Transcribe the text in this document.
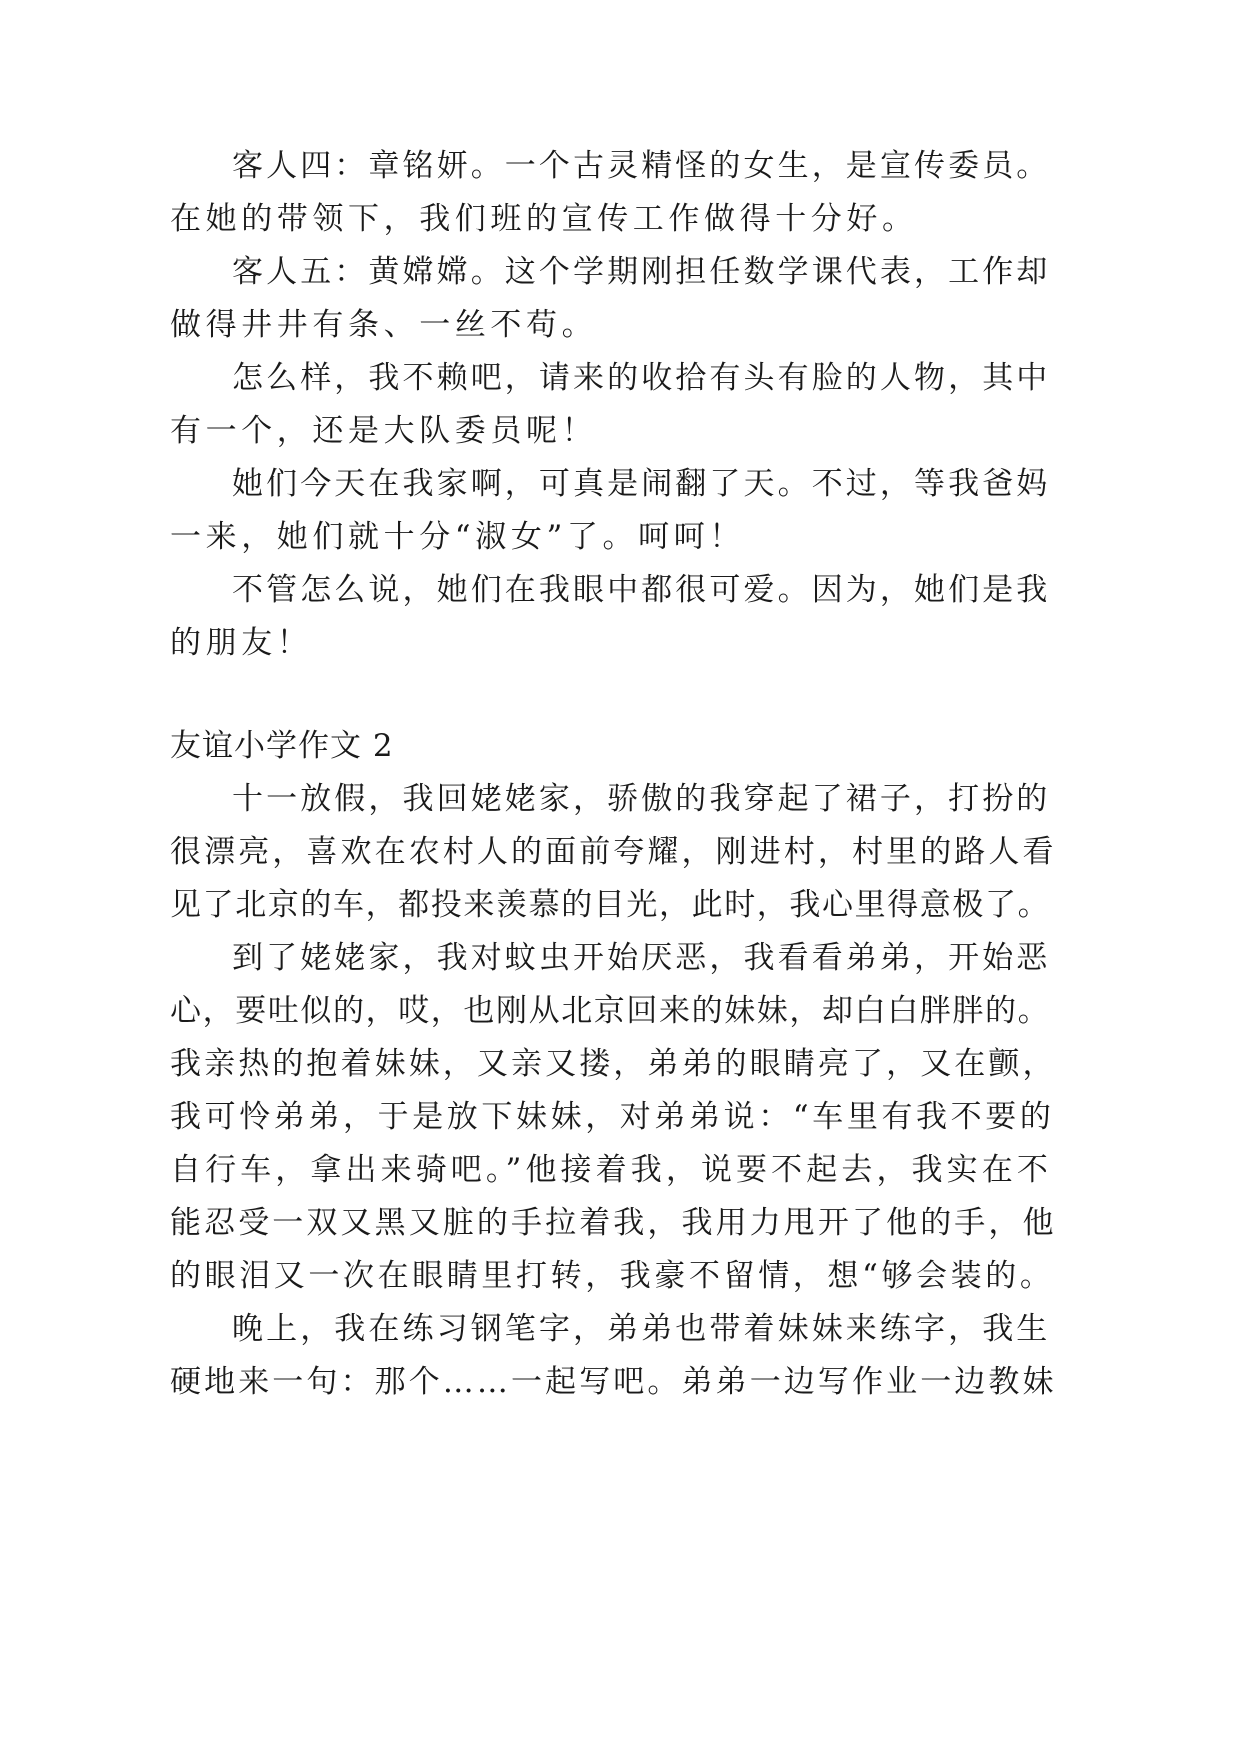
客人四：章铭妍。一个古灵精怪的女生，是宣传委员。
在她的带领下，我们班的宣传工作做得十分好。
客人五：黄嫦嫦。这个学期刚担任数学课代表，工作却
做得井井有条、一丝不苟。
怎么样，我不赖吧，请来的收拾有头有脸的人物，其中
有一个，还是大队委员呢！
她们今天在我家啊，可真是闹翻了天。不过，等我爸妈
一来，她们就十分“淑女”了。呵呵！
不管怎么说，她们在我眼中都很可爱。因为，她们是我
的朋友！
友谊小学作文 2
十一放假，我回姥姥家，骄傲的我穿起了裙子，打扮的
很漂亮，喜欢在农村人的面前夸耀，刚进村，村里的路人看
见了北京的车，都投来羡慕的目光，此时，我心里得意极了。
到了姥姥家，我对蚊虫开始厌恶，我看看弟弟，开始恶
心，要吐似的，哎，也刚从北京回来的妹妹，却白白胖胖的。
我亲热的抱着妹妹，又亲又搂，弟弟的眼睛亮了，又在颤，
我可怜弟弟，于是放下妹妹，对弟弟说：“车里有我不要的
自行车，拿出来骑吧。”他接着我，说要不起去，我实在不
能忍受一双又黑又脏的手拉着我，我用力甩开了他的手，他
的眼泪又一次在眼睛里打转，我豪不留情，想“够会装的。
晚上，我在练习钢笔字，弟弟也带着妹妹来练字，我生
硬地来一句：那个……一起写吧。弟弟一边写作业一边教妹
